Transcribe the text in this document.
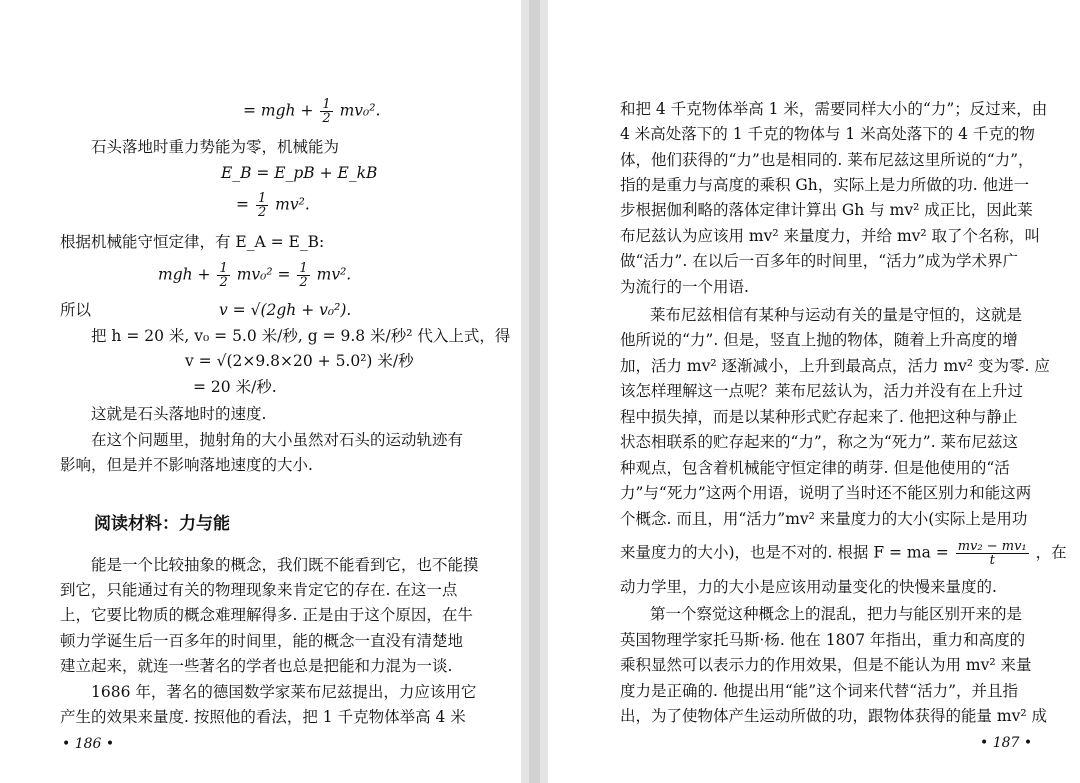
= mgh + $\frac{1}{2} mv_0^2$.
石头落地时重力势能为零，机械能为
E_B = E_pB + E_kB
= $\frac{1}{2} mv^2$.
根据机械能守恒定律，有 E_A = E_B:
mgh + $\frac{1}{2} mv_0^2 = \frac{1}{2} mv^2$.
所以	v = √(2gh + v₀²).
把 h = 20 米, v₀ = 5.0 米/秒, g = 9.8 米/秒² 代入上式，得
v = √(2×9.8×20 + 5.0²) 米/秒
= 20 米/秒.
这就是石头落地时的速度.
在这个问题里，抛射角的大小虽然对石头的运动轨迹有
影响，但是并不影响落地速度的大小.
阅读材料：力与能
能是一个比较抽象的概念，我们既不能看到它，也不能摸
到它，只能通过有关的物理现象来肯定它的存在. 在这一点
上，它要比物质的概念难理解得多. 正是由于这个原因，在牛
顿力学诞生后一百多年的时间里，能的概念一直没有清楚地
建立起来，就连一些著名的学者也总是把能和力混为一谈.
1686 年，著名的德国数学家莱布尼兹提出，力应该用它
产生的效果来量度. 按照他的看法，把 1 千克物体举高 4 米
• 186 •
和把 4 千克物体举高 1 米，需要同样大小的“力”；反过来，由
4 米高处落下的 1 千克的物体与 1 米高处落下的 4 千克的物
体，他们获得的“力”也是相同的. 莱布尼兹这里所说的“力”，
指的是重力与高度的乘积 Gh，实际上是力所做的功. 他进一
步根据伽利略的落体定律计算出 Gh 与 mv² 成正比，因此莱
布尼兹认为应该用 mv² 来量度力，并给 mv² 取了个名称，叫
做“活力”. 在以后一百多年的时间里，“活力”成为学术界广
为流行的一个用语.
莱布尼兹相信有某种与运动有关的量是守恒的，这就是
他所说的“力”. 但是，竖直上抛的物体，随着上升高度的增
加，活力 mv² 逐渐减小，上升到最高点，活力 mv² 变为零. 应
该怎样理解这一点呢？莱布尼兹认为，活力并没有在上升过
程中损失掉，而是以某种形式贮存起来了. 他把这种与静止
状态相联系的贮存起来的“力”，称之为“死力”. 莱布尼兹这
种观点，包含着机械能守恒定律的萌芽. 但是他使用的“活
力”与“死力”这两个用语，说明了当时还不能区别力和能这两
个概念. 而且，用“活力”mv² 来量度力的大小(实际上是用功
来量度力的大小)，也是不对的. 根据 F = ma = $\frac{\text{mv₂ − mv₁}}{t}$ ，在
动力学里，力的大小是应该用动量变化的快慢来量度的.
第一个察觉这种概念上的混乱，把力与能区别开来的是
英国物理学家托马斯·杨. 他在 1807 年指出，重力和高度的
乘积显然可以表示力的作用效果，但是不能认为用 mv² 来量
度力是正确的. 他提出用“能”这个词来代替“活力”，并且指
出，为了使物体产生运动所做的功，跟物体获得的能量 mv² 成
• 187 •
